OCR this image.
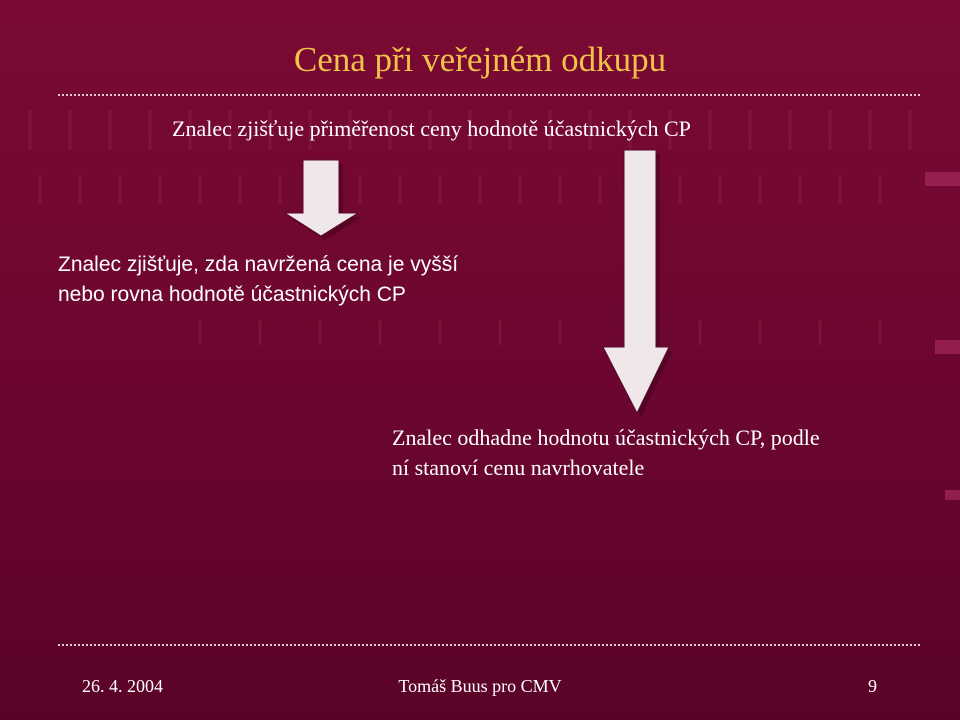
Cena při veřejném odkupu
Znalec zjišťuje přiměřenost ceny hodnotě účastnických CP
Znalec zjišťuje, zda navržená cena je vyšší
nebo rovna hodnotě účastnických CP
Znalec odhadne hodnotu účastnických CP, podle
ní stanoví cenu navrhovatele
26. 4. 2004	Tomáš Buus pro CMV	9
